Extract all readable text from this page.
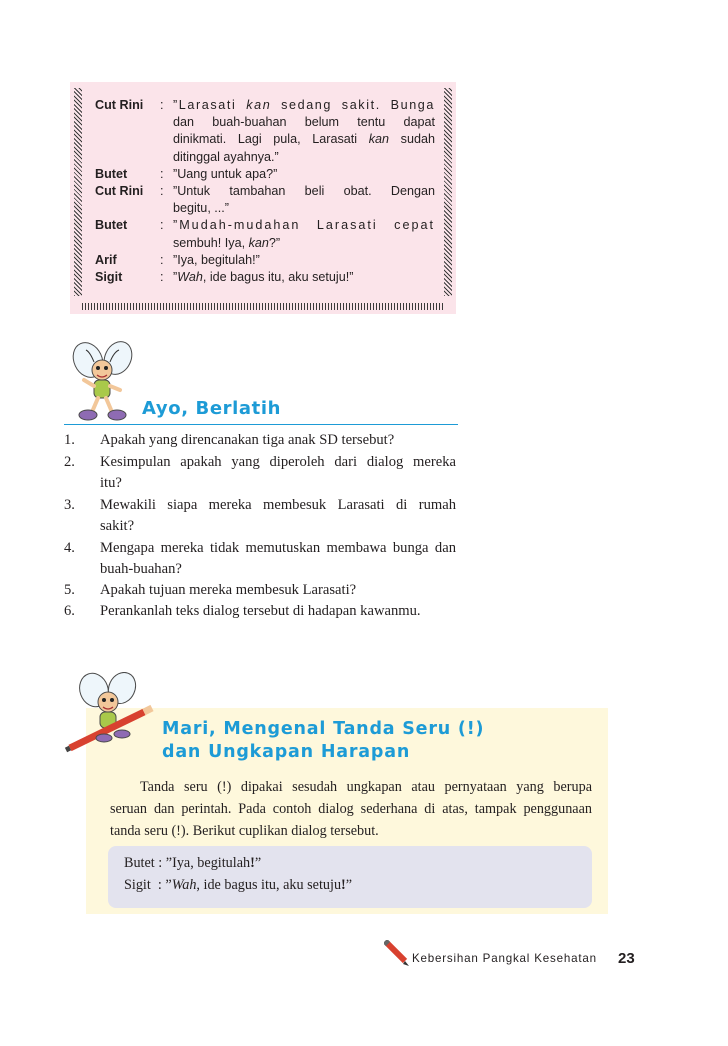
Cut Rini : ”Larasati kan sedang sakit. Bunga
dan buah-buahan belum tentu dapat
dinikmati. Lagi pula, Larasati kan sudah
ditinggal ayahnya.”
Butet	: ”Uang untuk apa?”
Cut Rini : ”Untuk tambahan beli obat. Dengan
begitu, ...”
Butet	: ”Mudah-mudahan Larasati cepat
sembuh! Iya, kan?”
Arif	: ”Iya, begitulah!”
Sigit	: ”Wah, ide bagus itu, aku setuju!”
Ayo, Berlatih
1. Apakah yang direncanakan tiga anak SD tersebut?
2. Kesimpulan apakah yang diperoleh dari dialog mereka
itu?
3. Mewakili siapa mereka membesuk Larasati di rumah
sakit?
4. Mengapa mereka tidak memutuskan membawa bunga dan
buah-buahan?
5. Apakah tujuan mereka membesuk Larasati?
6. Perankanlah teks dialog tersebut di hadapan kawanmu.
Mari, Mengenal Tanda Seru (!)
dan Ungkapan Harapan
Tanda seru (!) dipakai sesudah ungkapan atau pernyataan yang berupa
seruan dan perintah. Pada contoh dialog sederhana di atas, tampak penggunaan
tanda seru (!). Berikut cuplikan dialog tersebut.
Butet : ”Iya, begitulah!”
Sigit : ”Wah, ide bagus itu, aku setuju!”
Kebersihan Pangkal Kesehatan 23
